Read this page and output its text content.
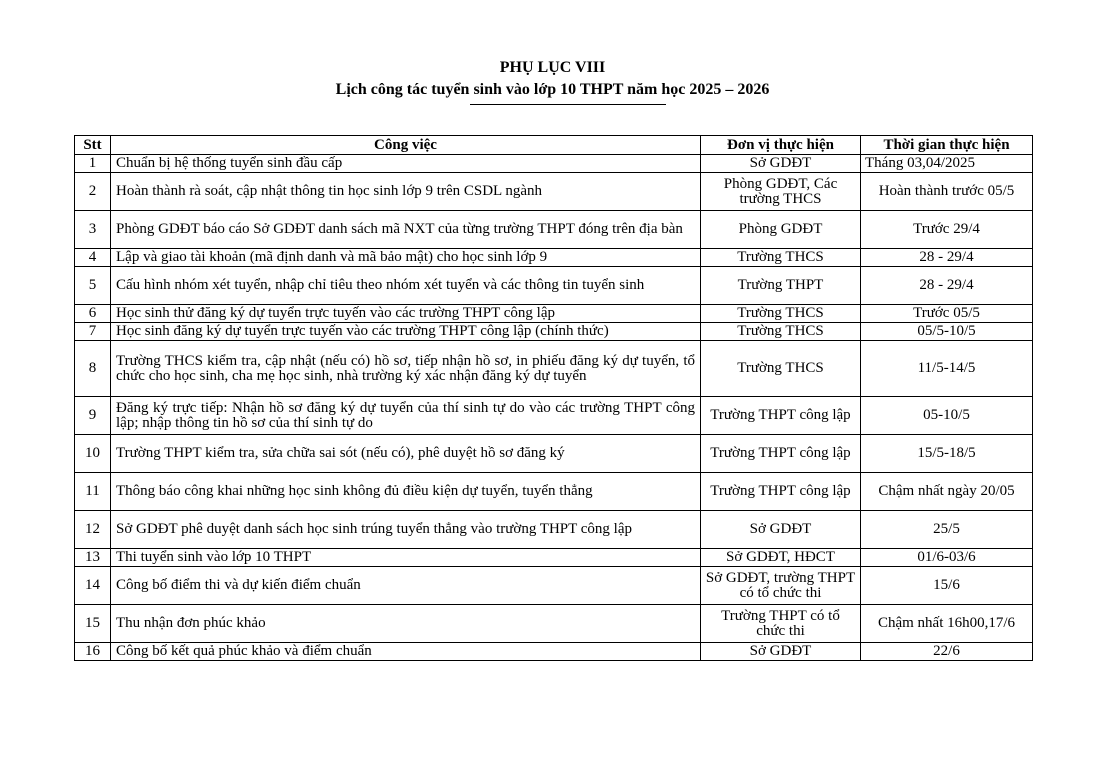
PHỤ LỤC VIII
Lịch công tác tuyển sinh vào lớp 10 THPT năm học 2025 – 2026
Stt	Công việc	Đơn vị thực hiện	Thời gian thực hiện
1	Chuẩn bị hệ thống tuyển sinh đầu cấp	Sở GDĐT	Tháng 03,04/2025
2	Hoàn thành rà soát, cập nhật thông tin học sinh lớp 9 trên CSDL ngành	Phòng GDĐT, Các trường THCS	Hoàn thành trước 05/5
3	Phòng GDĐT báo cáo Sở GDĐT danh sách mã NXT của từng trường THPT đóng trên địa bàn	Phòng GDĐT	Trước 29/4
4	Lập và giao tài khoản (mã định danh và mã bảo mật) cho học sinh lớp 9	Trường THCS	28 - 29/4
5	Cấu hình nhóm xét tuyển, nhập chỉ tiêu theo nhóm xét tuyển và các thông tin tuyển sinh	Trường THPT	28 - 29/4
6	Học sinh thử đăng ký dự tuyển trực tuyến vào các trường THPT công lập	Trường THCS	Trước 05/5
7	Học sinh đăng ký dự tuyển trực tuyến vào các trường THPT công lập (chính thức)	Trường THCS	05/5-10/5
8	Trường THCS kiểm tra, cập nhật (nếu có) hồ sơ, tiếp nhận hồ sơ, in phiếu đăng ký dự tuyển, tổ chức cho học sinh, cha mẹ học sinh, nhà trường ký xác nhận đăng ký dự tuyển	Trường THCS	11/5-14/5
9	Đăng ký trực tiếp: Nhận hồ sơ đăng ký dự tuyển của thí sinh tự do vào các trường THPT công lập; nhập thông tin hồ sơ của thí sinh tự do	Trường THPT công lập	05-10/5
10	Trường THPT kiểm tra, sửa chữa sai sót (nếu có), phê duyệt hồ sơ đăng ký	Trường THPT công lập	15/5-18/5
11	Thông báo công khai những học sinh không đủ điều kiện dự tuyển, tuyển thẳng	Trường THPT công lập	Chậm nhất ngày 20/05
12	Sở GDĐT phê duyệt danh sách học sinh trúng tuyển thẳng vào trường THPT công lập	Sở GDĐT	25/5
13	Thi tuyển sinh vào lớp 10 THPT	Sở GDĐT, HĐCT	01/6-03/6
14	Công bố điểm thi và dự kiến điểm chuẩn	Sở GDĐT, trường THPT có tổ chức thi	15/6
15	Thu nhận đơn phúc khảo	Trường THPT có tổ chức thi	Chậm nhất 16h00,17/6
16	Công bố kết quả phúc khảo và điểm chuẩn	Sở GDĐT	22/6
